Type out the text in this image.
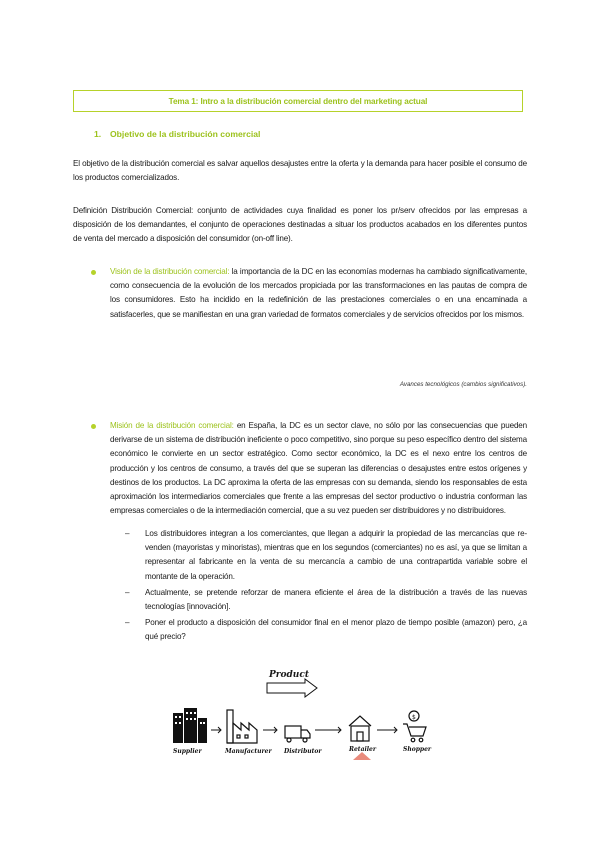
Tema 1: Intro a la distribución comercial dentro del marketing actual
1. Objetivo de la distribución comercial

El objetivo de la distribución comercial es salvar aquellos desajustes entre la oferta y la demanda para hacer posible el consumo de los productos comercializados.

Definición Distribución Comercial: conjunto de actividades cuya finalidad es poner los pr/serv ofrecidos por las empresas a disposición de los demandantes, el conjunto de operaciones destinadas a situar los productos acabados en los diferentes puntos de venta del mercado a disposición del consumidor (on-off line).

Visión de la distribución comercial: la importancia de la DC en las economías modernas ha cambiado significativamente, como consecuencia de la evolución de los mercados propiciada por las transformaciones en las pautas de compra de los consumidores. Esto ha incidido en la redefinición de las prestaciones comerciales o en una encaminada a satisfacerles, que se manifiestan en una gran variedad de formatos comerciales y de servicios ofrecidos por los mismos.
Avances tecnológicos (cambios significativos).
Misión de la distribución comercial: en España, la DC es un sector clave, no sólo por las consecuencias que pueden derivarse de un sistema de distribución ineficiente o poco competitivo, sino porque su peso específico dentro del sistema económico le convierte en un sector estratégico. Como sector económico, la DC es el nexo entre los centros de producción y los centros de consumo, a través del que se superan las diferencias o desajustes entre estos orígenes y destinos de los productos. La DC aproxima la oferta de las empresas con su demanda, siendo los responsables de esta aproximación los intermediarios comerciales que frente a las empresas del sector productivo o industria conforman las empresas comerciales o de la intermediación comercial, que a su vez pueden ser distribuidores y no distribuidores.
– Los distribuidores integran a los comerciantes, que llegan a adquirir la propiedad de las mercancías que re-venden (mayoristas y minoristas), mientras que en los segundos (comerciantes) no es así, ya que se limitan a representar al fabricante en la venta de su mercancía a cambio de una contrapartida variable sobre el montante de la operación.
– Actualmente, se pretende reforzar de manera eficiente el área de la distribución a través de las nuevas tecnologías [innovación].
– Poner el producto a disposición del consumidor final en el menor plazo de tiempo posible (amazon) pero, ¿a qué precio?
Product
$
Supplier	Manufacturer Distributor	Retailer	Shopper
